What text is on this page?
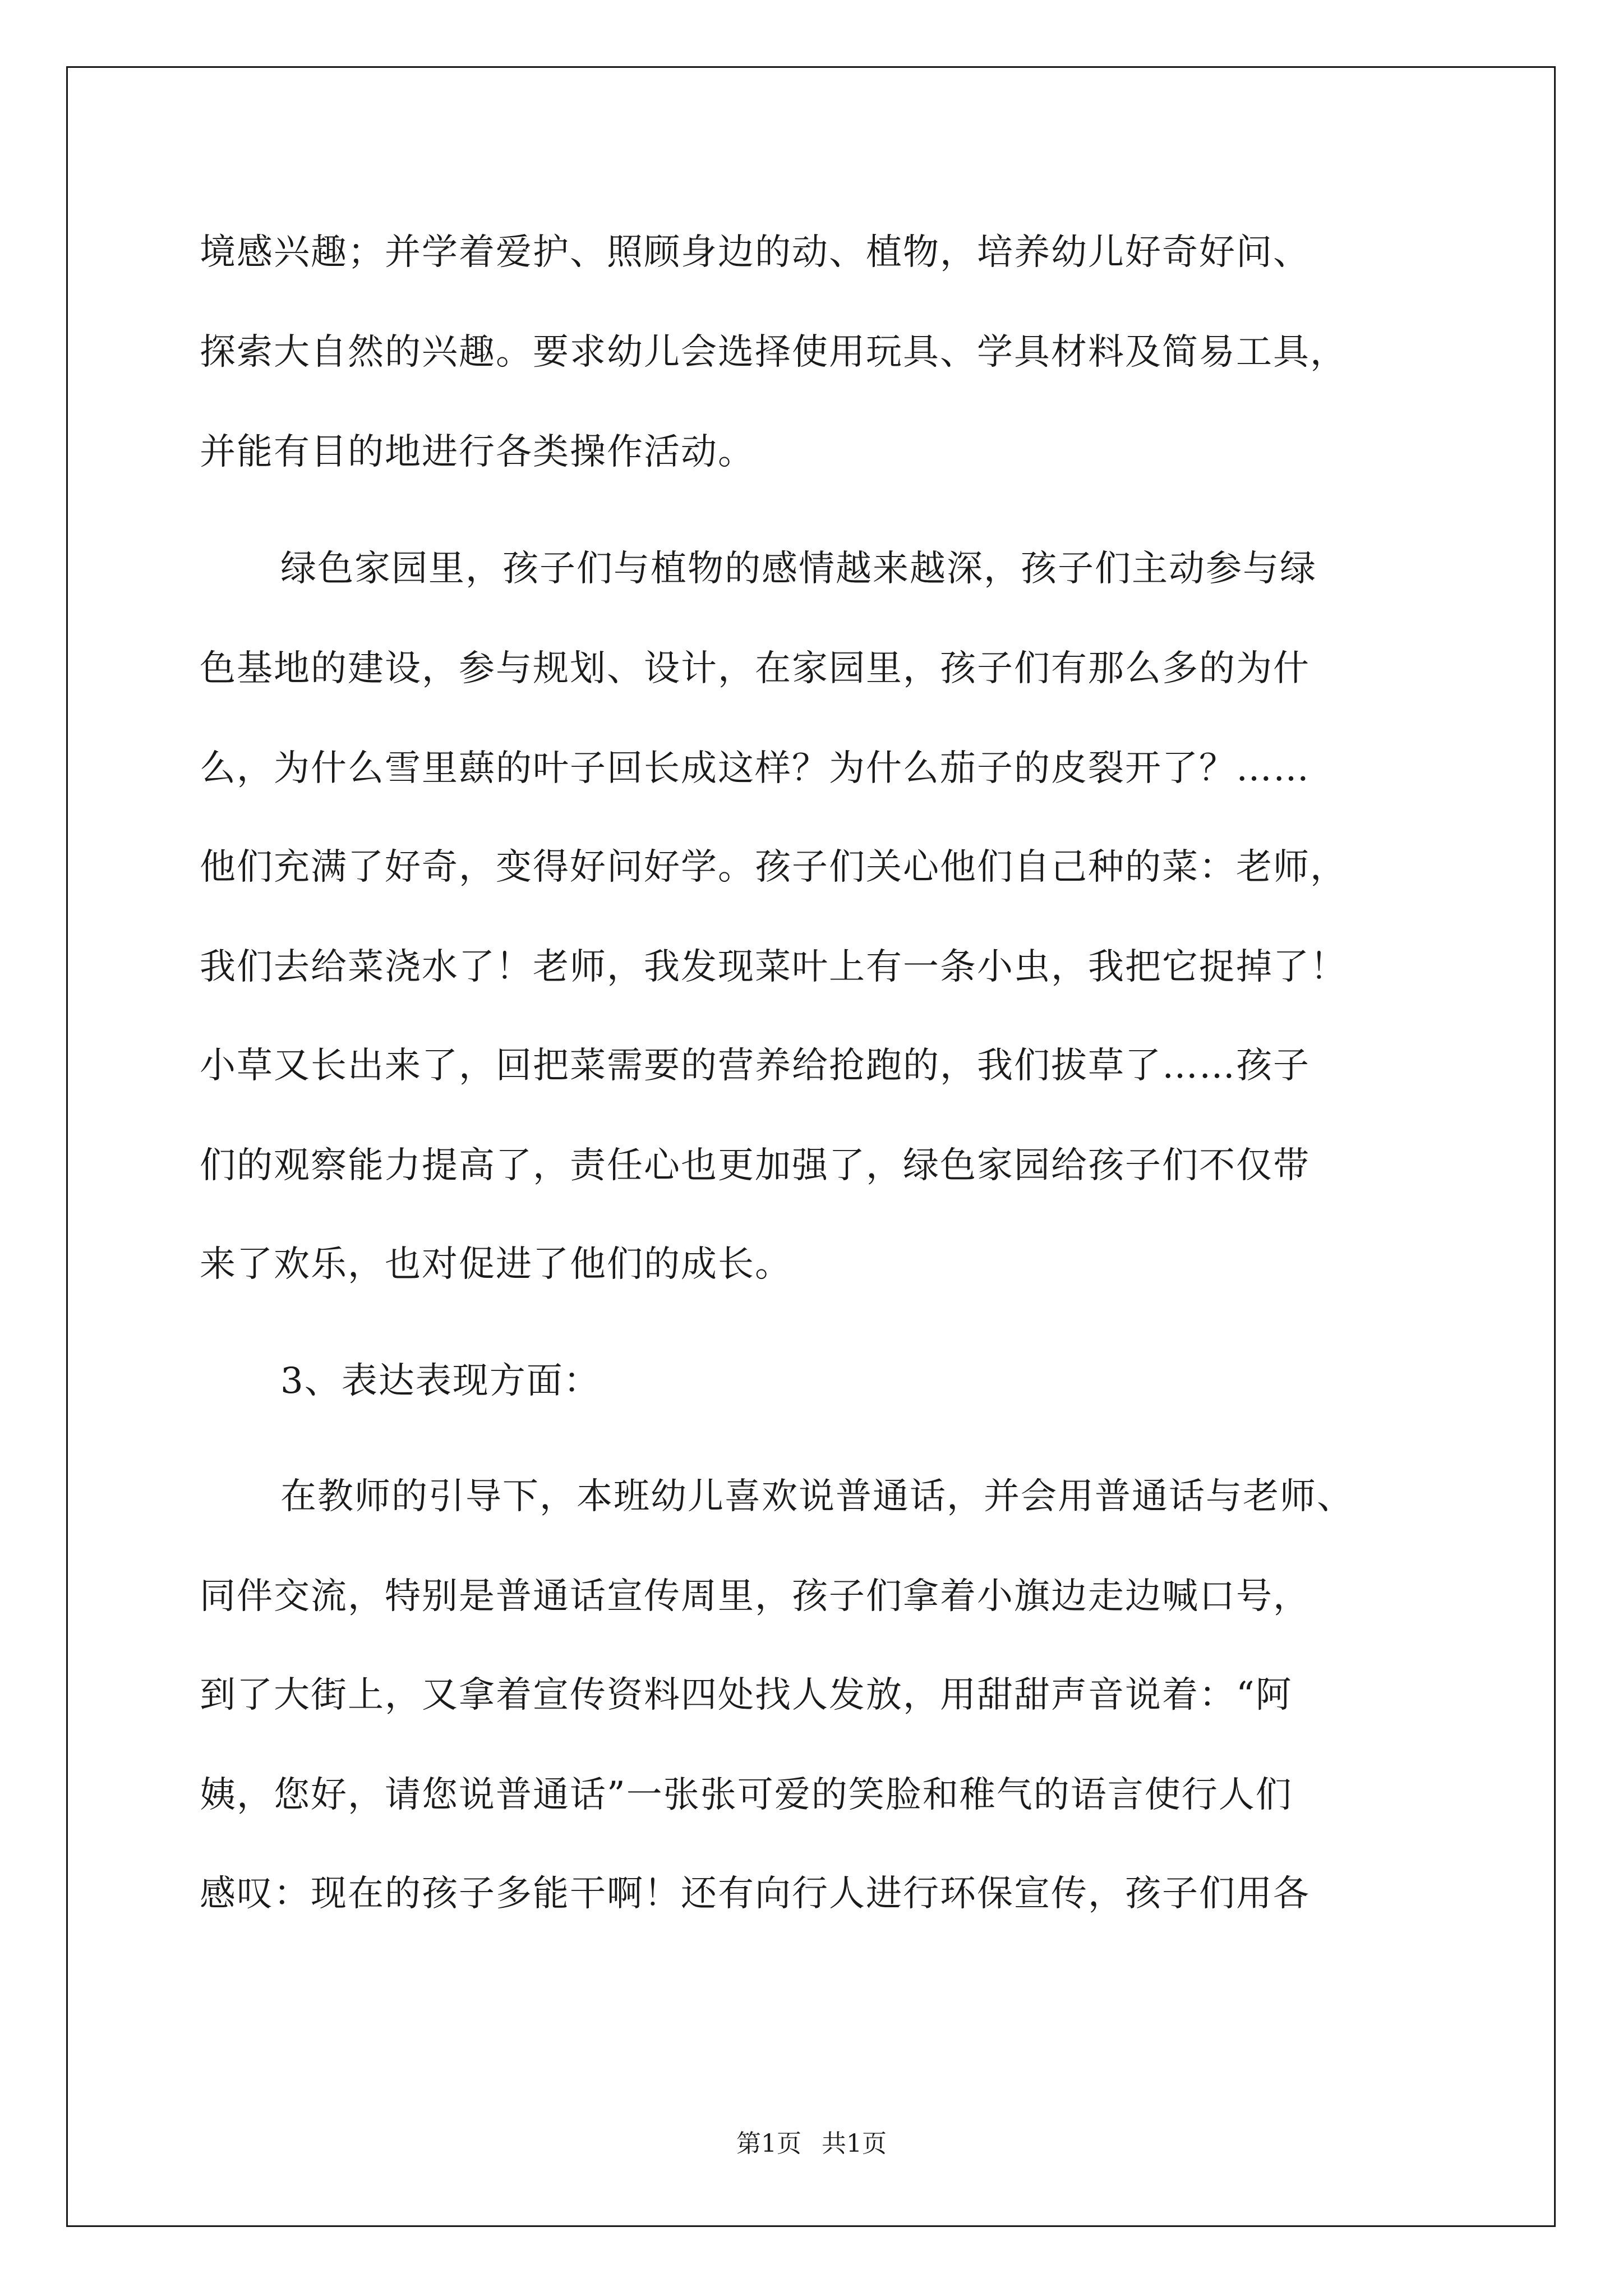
境感兴趣；并学着爱护、照顾身边的动、植物，培养幼儿好奇好问、
探索大自然的兴趣。要求幼儿会选择使用玩具、学具材料及简易工具，
并能有目的地进行各类操作活动。
绿色家园里，孩子们与植物的感情越来越深，孩子们主动参与绿
色基地的建设，参与规划、设计，在家园里，孩子们有那么多的为什
么，为什么雪里蕻的叶子回长成这样？为什么茄子的皮裂开了？……
他们充满了好奇，变得好问好学。孩子们关心他们自己种的菜：老师，
我们去给菜浇水了！老师，我发现菜叶上有一条小虫，我把它捉掉了！
小草又长出来了，回把菜需要的营养给抢跑的，我们拔草了……孩子
们的观察能力提高了，责任心也更加强了，绿色家园给孩子们不仅带
来了欢乐，也对促进了他们的成长。
3、表达表现方面：
在教师的引导下，本班幼儿喜欢说普通话，并会用普通话与老师、
同伴交流，特别是普通话宣传周里，孩子们拿着小旗边走边喊口号，
到了大街上，又拿着宣传资料四处找人发放，用甜甜声音说着：“阿
姨，您好，请您说普通话”一张张可爱的笑脸和稚气的语言使行人们
感叹：现在的孩子多能干啊！还有向行人进行环保宣传，孩子们用各
第1页 共1页
